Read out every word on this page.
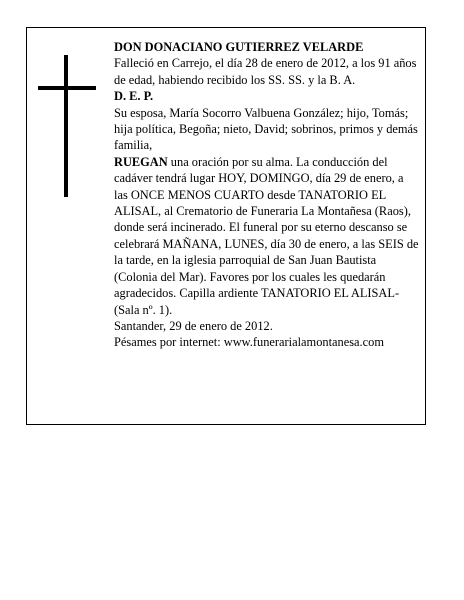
DON DONACIANO GUTIERREZ VELARDE

Falleció en Carrejo, el día 28 de enero de 2012, a los 91 años de edad, habiendo recibido los SS. SS. y la B. A.

D. E. P.

Su esposa, María Socorro Valbuena González; hijo, Tomás; hija política, Begoña; nieto, David; sobrinos, primos y demás familia,

RUEGAN una oración por su alma. La conducción del cadáver tendrá lugar HOY, DOMINGO, día 29 de enero, a las ONCE MENOS CUARTO desde TANATORIO EL ALISAL, al Crematorio de Funeraria La Montañesa (Raos), donde será incinerado. El funeral por su eterno descanso se celebrará MAÑANA, LUNES, día 30 de enero, a las SEIS de la tarde, en la iglesia parroquial de San Juan Bautista (Colonia del Mar). Favores por los cuales les quedarán agradecidos. Capilla ardiente TANATORIO EL ALISAL-(Sala nº. 1).

Santander, 29 de enero de 2012.

Pésames por internet: www.funerarialamontanesa.com
